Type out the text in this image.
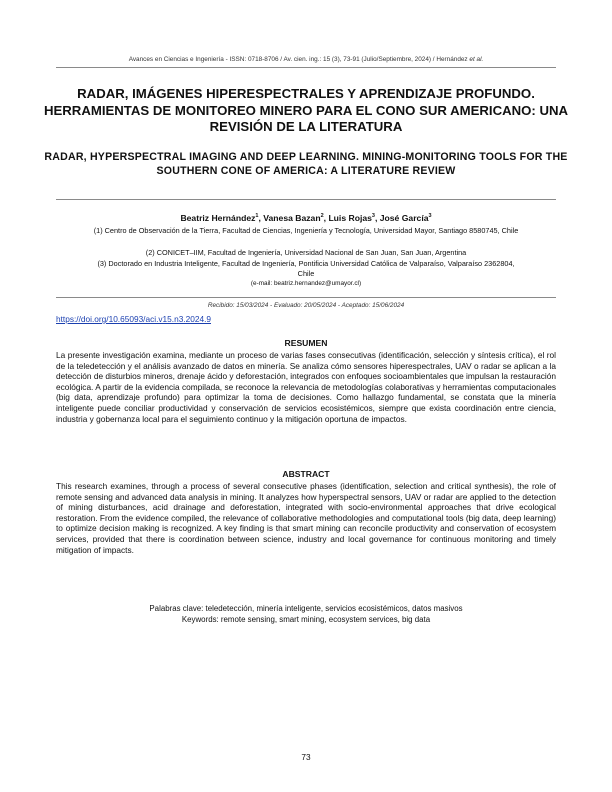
Avances en Ciencias e Ingeniería - ISSN: 0718-8706 / Av. cien. ing.: 15 (3), 73-91 (Julio/Septiembre, 2024) / Hernández et al.
RADAR, IMÁGENES HIPERESPECTRALES Y APRENDIZAJE PROFUNDO. HERRAMIENTAS DE MONITOREO MINERO PARA EL CONO SUR AMERICANO: UNA REVISIÓN DE LA LITERATURA
RADAR, HYPERSPECTRAL IMAGING AND DEEP LEARNING. MINING-MONITORING TOOLS FOR THE SOUTHERN CONE OF AMERICA: A LITERATURE REVIEW
Beatriz Hernández$^1$, Vanesa Bazan$^2$, Luis Rojas$^3$, José García$^3$
(1) Centro de Observación de la Tierra, Facultad de Ciencias, Ingeniería y Tecnología, Universidad Mayor, Santiago 8580745, Chile
(2) CONICET–IIM, Facultad de Ingeniería, Universidad Nacional de San Juan, San Juan, Argentina
(3) Doctorado en Industria Inteligente, Facultad de Ingeniería, Pontificia Universidad Católica de Valparaíso, Valparaíso 2362804, Chile
(e-mail: beatriz.hernandez@umayor.cl)
Recibido: 15/03/2024 - Evaluado: 20/05/2024 - Aceptado: 15/06/2024
https://doi.org/10.65093/aci.v15.n3.2024.9
RESUMEN
La presente investigación examina, mediante un proceso de varias fases consecutivas (identificación, selección y síntesis crítica), el rol de la teledetección y el análisis avanzado de datos en minería. Se analiza cómo sensores hiperespectrales, UAV o radar se aplican a la detección de disturbios mineros, drenaje ácido y deforestación, integrados con enfoques socioambientales que impulsan la restauración ecológica. A partir de la evidencia compilada, se reconoce la relevancia de metodologías colaborativas y herramientas computacionales (big data, aprendizaje profundo) para optimizar la toma de decisiones. Como hallazgo fundamental, se constata que la minería inteligente puede conciliar productividad y conservación de servicios ecosistémicos, siempre que exista coordinación entre ciencia, industria y gobernanza local para el seguimiento continuo y la mitigación oportuna de impactos.
ABSTRACT
This research examines, through a process of several consecutive phases (identification, selection and critical synthesis), the role of remote sensing and advanced data analysis in mining. It analyzes how hyperspectral sensors, UAV or radar are applied to the detection of mining disturbances, acid drainage and deforestation, integrated with socio-environmental approaches that drive ecological restoration. From the evidence compiled, the relevance of collaborative methodologies and computational tools (big data, deep learning) to optimize decision making is recognized. A key finding is that smart mining can reconcile productivity and conservation of ecosystem services, provided that there is coordination between science, industry and local governance for continuous monitoring and timely mitigation of impacts.
Palabras clave: teledetección, minería inteligente, servicios ecosistémicos, datos masivos
Keywords: remote sensing, smart mining, ecosystem services, big data
73
